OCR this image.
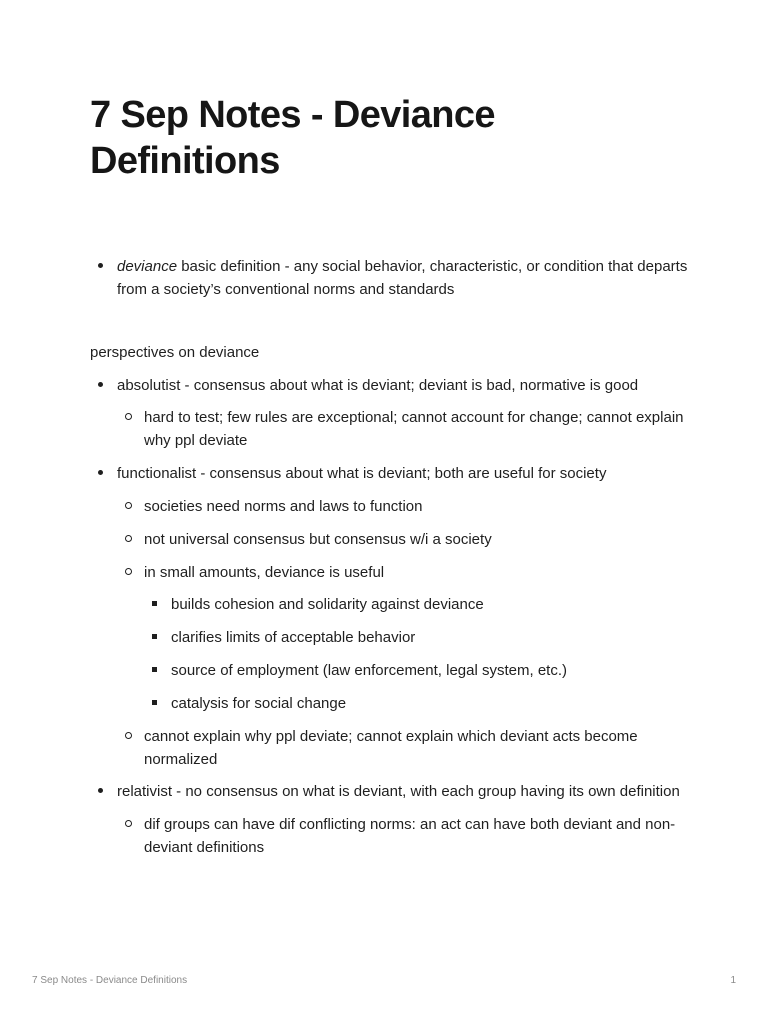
7 Sep Notes - Deviance Definitions
deviance basic definition - any social behavior, characteristic, or condition that departs from a society’s conventional norms and standards

perspectives on deviance

absolutist - consensus about what is deviant; deviant is bad, normative is good
hard to test; few rules are exceptional; cannot account for change; cannot explain why ppl deviate
functionalist - consensus about what is deviant; both are useful for society
societies need norms and laws to function
not universal consensus but consensus w/i a society
in small amounts, deviance is useful
builds cohesion and solidarity against deviance
clarifies limits of acceptable behavior
source of employment (law enforcement, legal system, etc.)
catalysis for social change
cannot explain why ppl deviate; cannot explain which deviant acts become normalized
relativist - no consensus on what is deviant, with each group having its own definition
dif groups can have dif conflicting norms: an act can have both deviant and non-deviant definitions
7 Sep Notes - Deviance Definitions	1
